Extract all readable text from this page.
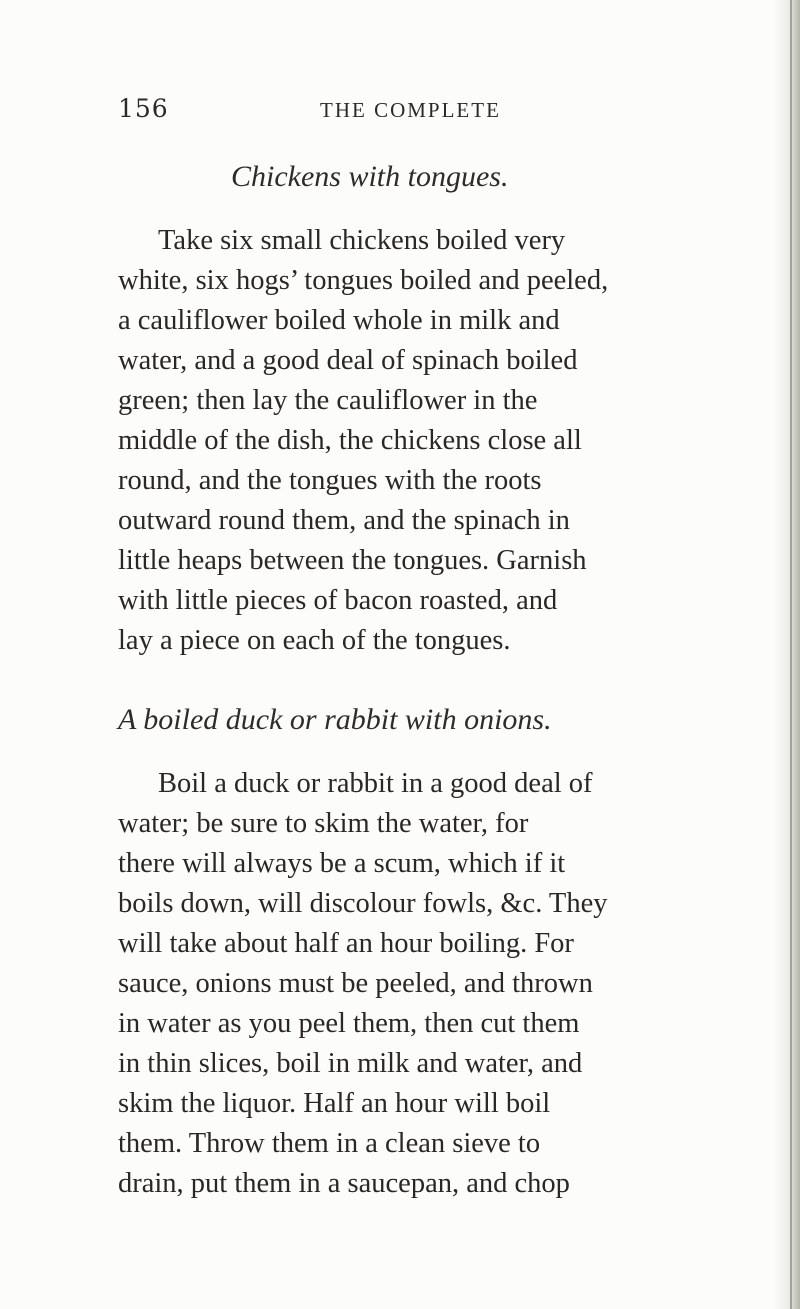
156	THE COMPLETE
Chickens with tongues.
Take six small chickens boiled very
white, six hogs’ tongues boiled and peeled,
a cauliflower boiled whole in milk and
water, and a good deal of spinach boiled
green; then lay the cauliflower in the
middle of the dish, the chickens close all
round, and the tongues with the roots
outward round them, and the spinach in
little heaps between the tongues. Garnish
with little pieces of bacon roasted, and
lay a piece on each of the tongues.
A boiled duck or rabbit with onions.
Boil a duck or rabbit in a good deal of
water; be sure to skim the water, for
there will always be a scum, which if it
boils down, will discolour fowls, &c. They
will take about half an hour boiling. For
sauce, onions must be peeled, and thrown
in water as you peel them, then cut them
in thin slices, boil in milk and water, and
skim the liquor. Half an hour will boil
them. Throw them in a clean sieve to
drain, put them in a saucepan, and chop
